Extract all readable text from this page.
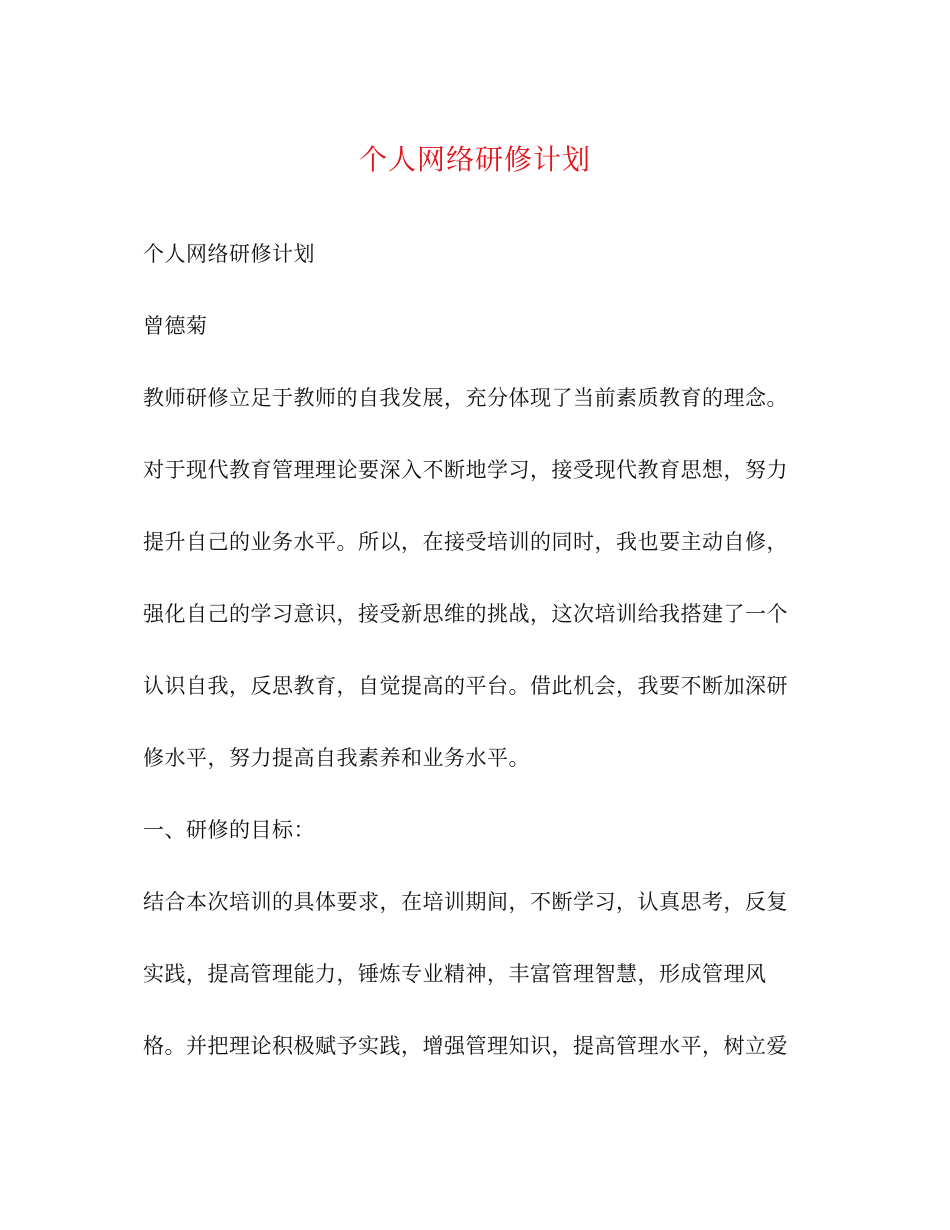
个人网络研修计划
个人网络研修计划
曾德菊
教师研修立足于教师的自我发展，充分体现了当前素质教育的理念。
对于现代教育管理理论要深入不断地学习，接受现代教育思想，努力
提升自己的业务水平。所以，在接受培训的同时，我也要主动自修，
强化自己的学习意识，接受新思维的挑战，这次培训给我搭建了一个
认识自我，反思教育，自觉提高的平台。借此机会，我要不断加深研
修水平，努力提高自我素养和业务水平。
一、研修的目标：
结合本次培训的具体要求，在培训期间，不断学习，认真思考，反复
实践，提高管理能力，锤炼专业精神，丰富管理智慧，形成管理风
格。并把理论积极赋予实践，增强管理知识，提高管理水平，树立爱
